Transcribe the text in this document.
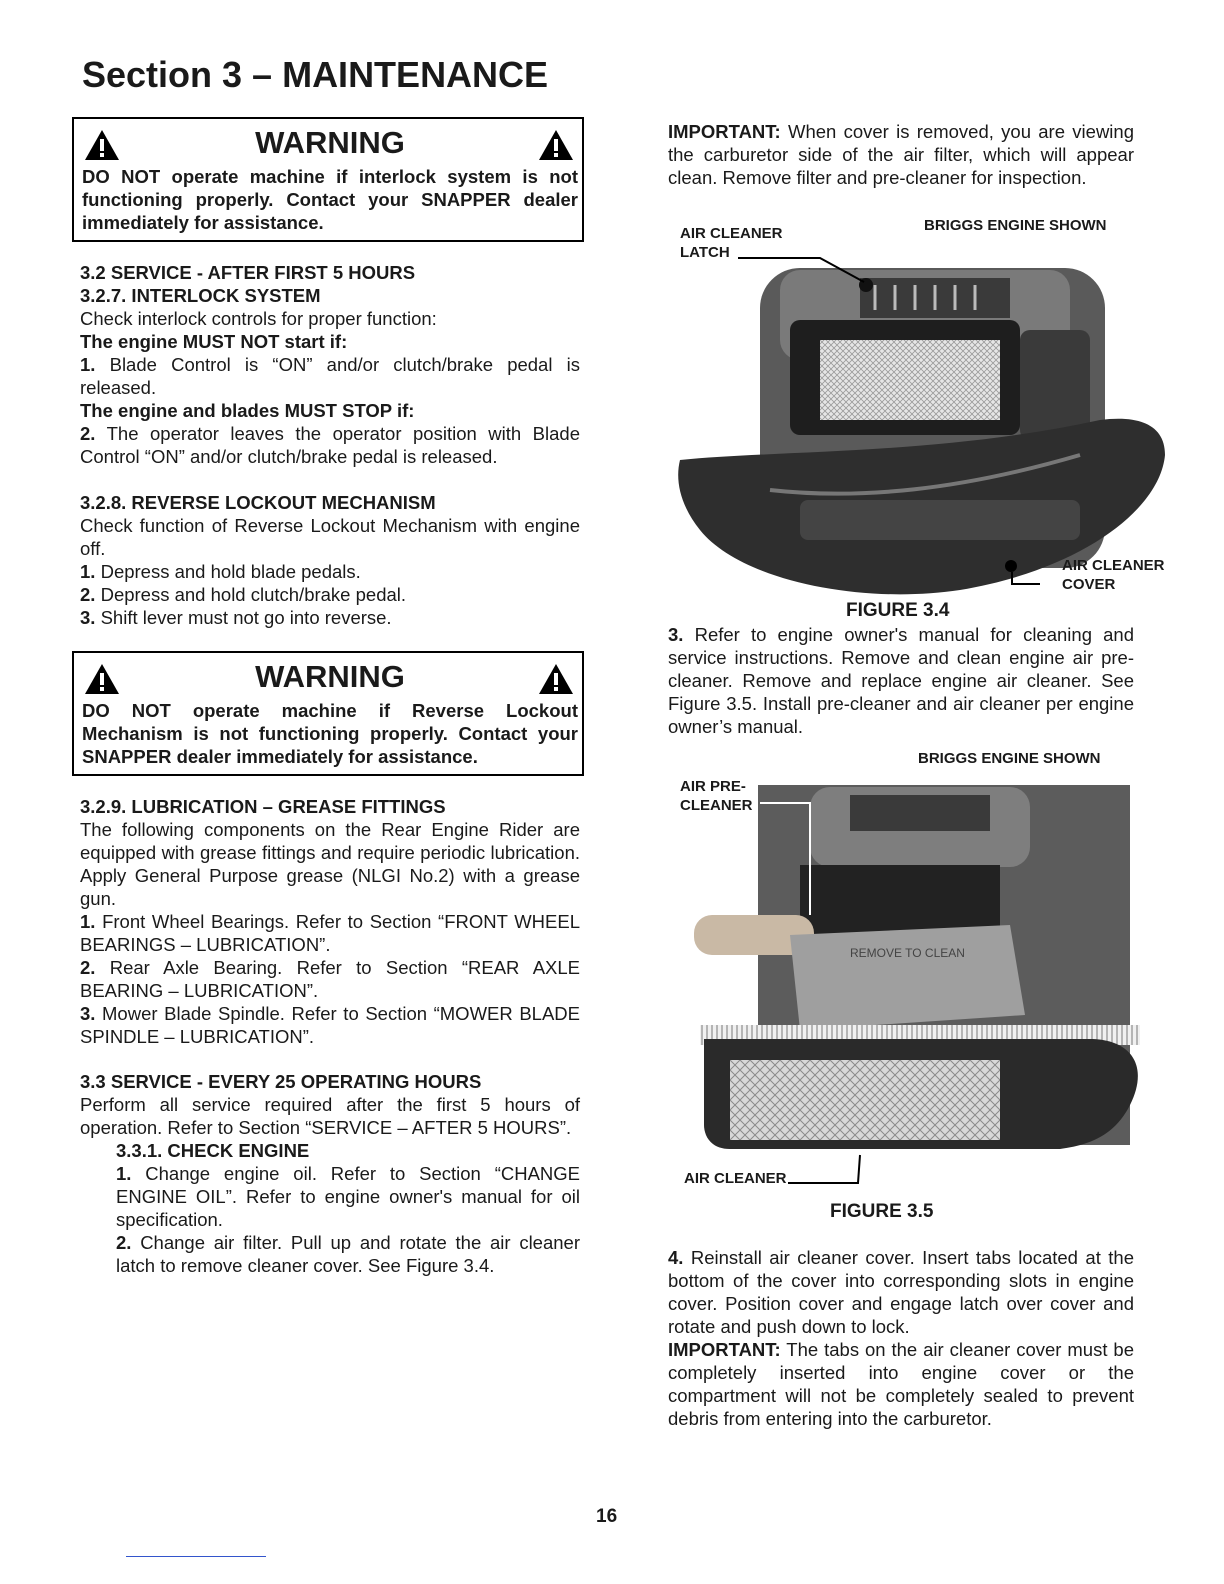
Section 3 – MAINTENANCE
WARNING

DO NOT operate machine if interlock system is not functioning properly. Contact your SNAPPER dealer immediately for assistance.

3.2 SERVICE - AFTER FIRST 5 HOURS

3.2.7. INTERLOCK SYSTEM

Check interlock controls for proper function:

The engine MUST NOT start if:

1. Blade Control is “ON” and/or clutch/brake pedal is released.

The engine and blades MUST STOP if:

2. The operator leaves the operator position with Blade Control “ON” and/or clutch/brake pedal is released.

3.2.8. REVERSE LOCKOUT MECHANISM

Check function of Reverse Lockout Mechanism with engine off.

1. Depress and hold blade pedals.

2. Depress and hold clutch/brake pedal.

3. Shift lever must not go into reverse.

WARNING

DO NOT operate machine if Reverse Lockout Mechanism is not functioning properly. Contact your SNAPPER dealer immediately for assistance.

3.2.9. LUBRICATION – GREASE FITTINGS

The following components on the Rear Engine Rider are equipped with grease fittings and require periodic lubrication. Apply General Purpose grease (NLGI No.2) with a grease gun.

1. Front Wheel Bearings. Refer to Section “FRONT WHEEL BEARINGS – LUBRICATION”.

2. Rear Axle Bearing. Refer to Section “REAR AXLE BEARING – LUBRICATION”.

3. Mower Blade Spindle. Refer to Section “MOWER BLADE SPINDLE – LUBRICATION”.

3.3 SERVICE - EVERY 25 OPERATING HOURS

Perform all service required after the first 5 hours of operation. Refer to Section “SERVICE – AFTER 5 HOURS”.

3.3.1. CHECK ENGINE

1. Change engine oil. Refer to Section “CHANGE ENGINE OIL”. Refer to engine owner's manual for oil specification.

2. Change air filter. Pull up and rotate the air cleaner latch to remove cleaner cover. See Figure 3.4.

IMPORTANT: When cover is removed, you are viewing the carburetor side of the air filter, which will appear clean. Remove filter and pre-cleaner for inspection.

AIR CLEANER
LATCH
BRIGGS ENGINE SHOWN
AIR CLEANER
COVER
FIGURE 3.4

3. Refer to engine owner's manual for cleaning and service instructions. Remove and clean engine air pre-cleaner. Remove and replace engine air cleaner. See Figure 3.5. Install pre-cleaner and air cleaner per engine owner’s manual.

BRIGGS ENGINE SHOWN
AIR PRE-
CLEANER
REMOVE TO CLEAN
AIR CLEANER
FIGURE 3.5

4. Reinstall air cleaner cover. Insert tabs located at the bottom of the cover into corresponding slots in engine cover. Position cover and engage latch over cover and rotate and push down to lock.

IMPORTANT: The tabs on the air cleaner cover must be completely inserted into engine cover or the compartment will not be completely sealed to prevent debris from entering into the carburetor.

16
